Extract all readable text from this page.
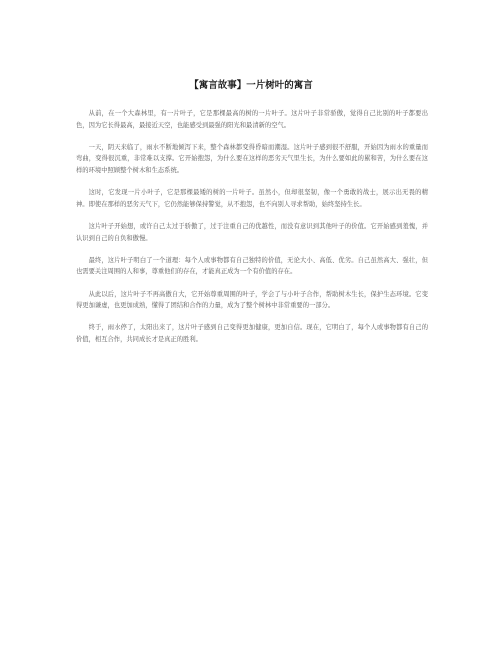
【寓言故事】一片树叶的寓言

从前，在一个大森林里，有一片叶子，它是那棵最高的树的一片叶子。这片叶子非常骄傲，觉得自己比别的叶子都要出色，因为它长得最高，最接近天空，也能感受到最强的阳光和最清新的空气。

一天，阴天来临了，雨水不断地倾泻下来，整个森林都变得昏暗而潮湿。这片叶子感到很不舒服，开始因为雨水的重量而弯曲，变得很沉重，非常难以支撑。它开始抱怨，为什么要在这样的恶劣天气里生长，为什么要如此的累和苦，为什么要在这样的环境中照顾整个树木和生态系统。

这时，它发现一片小叶子，它是那棵最矮的树的一片叶子。虽然小，但却很坚韧，像一个勇敢的战士，展示出无畏的精神。即使在那样的恶劣天气下，它仍然能够保持警觉，从不抱怨，也不向别人寻求帮助，始终坚持生长。

这片叶子开始想，或许自己太过于骄傲了，过于注重自己的优越性，而没有意识到其他叶子的价值。它开始感到羞愧，并认识到自己的自负和傲慢。

最终，这片叶子明白了一个道理：每个人或事物都有自己独特的价值，无论大小、高低、优劣。自己虽然高大、强壮，但也需要关注周围的人和事，尊重他们的存在，才能真正成为一个有价值的存在。

从此以后，这片叶子不再高傲自大，它开始尊重周围的叶子，学会了与小叶子合作，帮助树木生长，保护生态环境。它变得更加谦虚，也更加成熟，懂得了团结和合作的力量，成为了整个树林中非常重要的一部分。

终于，雨水停了，太阳出来了，这片叶子感到自己变得更加健康，更加自信。现在，它明白了，每个人或事物都有自己的价值，相互合作，共同成长才是真正的胜利。
